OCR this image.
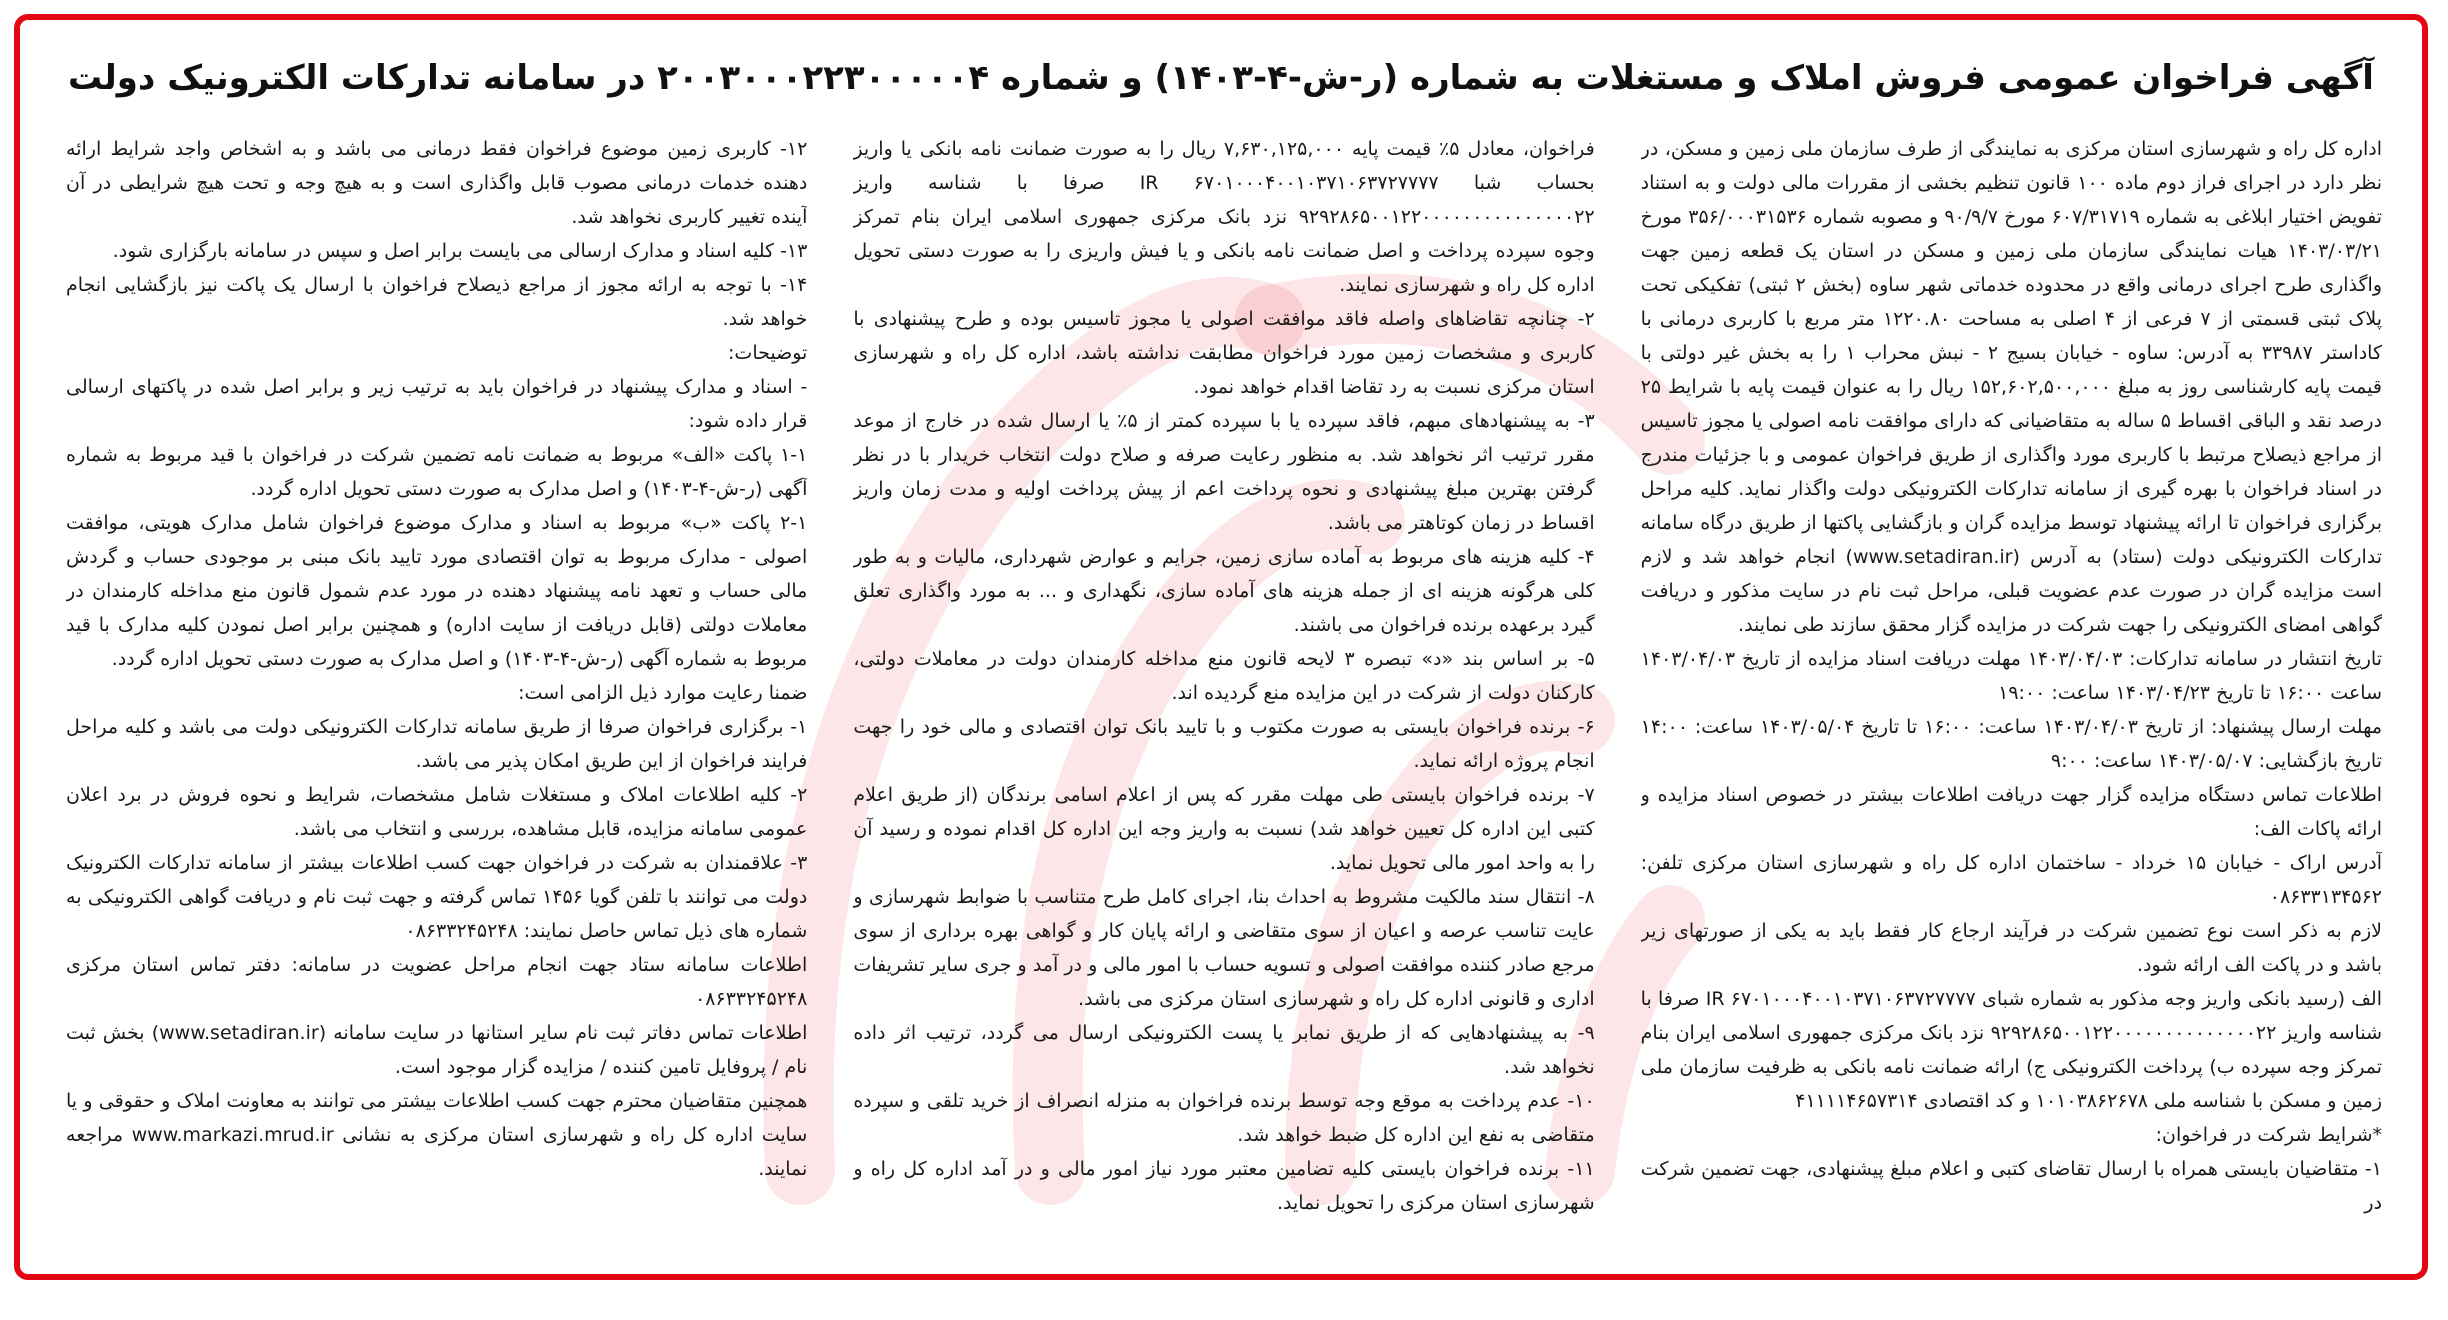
آگهی فراخوان عمومی فروش املاک و مستغلات به شماره (ر-ش-۴-۱۴۰۳) و شماره ۲۰۰۳۰۰۰۲۲۳۰۰۰۰۰۴ در سامانه تدارکات الکترونیک دولت

اداره کل راه و شهرسازی استان مرکزی به نمایندگی از طرف سازمان ملی زمین و مسکن، در نظر دارد در اجرای فراز دوم ماده ۱۰۰ قانون تنظیم بخشی از مقررات مالی دولت و به استناد تفویض اختیار ابلاغی به شماره ۶۰۷/۳۱۷۱۹ مورخ ۹۰/۹/۷ و مصوبه شماره ۳۵۶/۰۰۰۳۱۵۳۶ مورخ ۱۴۰۳/۰۳/۲۱ هیات نمایندگی سازمان ملی زمین و مسکن در استان یک قطعه زمین جهت واگذاری طرح اجرای درمانی واقع در محدوده خدماتی شهر ساوه (بخش ۲ ثبتی) تفکیکی تحت پلاک ثبتی قسمتی از ۷ فرعی از ۴ اصلی به مساحت ۱۲۲۰.۸۰ متر مربع با کاربری درمانی با کاداستر ۳۳۹۸۷ به آدرس: ساوه - خیابان بسیج ۲ - نبش محراب ۱ را به بخش غیر دولتی با قیمت پایه کارشناسی روز به مبلغ ۱۵۲,۶۰۲,۵۰۰,۰۰۰ ریال را به عنوان قیمت پایه با شرایط ۲۵ درصد نقد و الباقی اقساط ۵ ساله به متقاضیانی که دارای موافقت نامه اصولی یا مجوز تاسیس از مراجع ذیصلاح مرتبط با کاربری مورد واگذاری از طریق فراخوان عمومی و با جزئیات مندرج در اسناد فراخوان با بهره گیری از سامانه تدارکات الکترونیکی دولت واگذار نماید. کلیه مراحل برگزاری فراخوان تا ارائه پیشنهاد توسط مزایده گران و بازگشایی پاکتها از طریق درگاه سامانه تدارکات الکترونیکی دولت (ستاد) به آدرس (www.setadiran.ir) انجام خواهد شد و لازم است مزایده گران در صورت عدم عضویت قبلی، مراحل ثبت نام در سایت مذکور و دریافت گواهی امضای الکترونیکی را جهت شرکت در مزایده گزار محقق سازند طی نمایند.

تاریخ انتشار در سامانه تدارکات: ۱۴۰۳/۰۴/۰۳ مهلت دریافت اسناد مزایده از تاریخ ۱۴۰۳/۰۴/۰۳ ساعت ۱۶:۰۰ تا تاریخ ۱۴۰۳/۰۴/۲۳ ساعت: ۱۹:۰۰

مهلت ارسال پیشنهاد: از تاریخ ۱۴۰۳/۰۴/۰۳ ساعت: ۱۶:۰۰ تا تاریخ ۱۴۰۳/۰۵/۰۴ ساعت: ۱۴:۰۰ تاریخ بازگشایی: ۱۴۰۳/۰۵/۰۷ ساعت: ۹:۰۰

اطلاعات تماس دستگاه مزایده گزار جهت دریافت اطلاعات بیشتر در خصوص اسناد مزایده و ارائه پاکات الف:

آدرس اراک - خیابان ۱۵ خرداد - ساختمان اداره کل راه و شهرسازی استان مرکزی تلفن: ۰۸۶۳۳۱۳۴۵۶۲

لازم به ذکر است نوع تضمین شرکت در فرآیند ارجاع کار فقط باید به یکی از صورتهای زیر باشد و در پاکت الف ارائه شود.

الف (رسید بانکی واریز وجه مذکور به شماره شبای IR ۶۷۰۱۰۰۰۴۰۰۱۰۳۷۱۰۶۳۷۲۷۷۷۷ صرفا با شناسه واریز ۹۲۹۲۸۶۵۰۰۱۲۲۰۰۰۰۰۰۰۰۰۰۰۰۰۰۲۲ نزد بانک مرکزی جمهوری اسلامی ایران بنام تمرکز وجه سپرده ب) پرداخت الکترونیکی ج) ارائه ضمانت نامه بانکی به ظرفیت سازمان ملی زمین و مسکن با شناسه ملی ۱۰۱۰۳۸۶۲۶۷۸ و کد اقتصادی ۴۱۱۱۱۴۶۵۷۳۱۴

*شرایط شرکت در فراخوان:

۱- متقاضیان بایستی همراه با ارسال تقاضای کتبی و اعلام مبلغ پیشنهادی، جهت تضمین شرکت در

فراخوان، معادل ۵٪ قیمت پایه ۷,۶۳۰,۱۲۵,۰۰۰ ریال را به صورت ضمانت نامه بانکی یا واریز بحساب شبا IR ۶۷۰۱۰۰۰۴۰۰۱۰۳۷۱۰۶۳۷۲۷۷۷۷ صرفا با شناسه واریز ۹۲۹۲۸۶۵۰۰۱۲۲۰۰۰۰۰۰۰۰۰۰۰۰۰۰۰۲۲ نزد بانک مرکزی جمهوری اسلامی ایران بنام تمرکز وجوه سپرده پرداخت و اصل ضمانت نامه بانکی و یا فیش واریزی را به صورت دستی تحویل اداره کل راه و شهرسازی نمایند.

۲- چنانچه تقاضاهای واصله فاقد موافقت اصولی یا مجوز تاسیس بوده و طرح پیشنهادی با کاربری و مشخصات زمین مورد فراخوان مطابقت نداشته باشد، اداره کل راه و شهرسازی استان مرکزی نسبت به رد تقاضا اقدام خواهد نمود.

۳- به پیشنهادهای مبهم، فاقد سپرده یا با سپرده کمتر از ۵٪ یا ارسال شده در خارج از موعد مقرر ترتیب اثر نخواهد شد. به منظور رعایت صرفه و صلاح دولت انتخاب خریدار با در نظر گرفتن بهترین مبلغ پیشنهادی و نحوه پرداخت اعم از پیش پرداخت اولیه و مدت زمان واریز اقساط در زمان کوتاهتر می باشد.

۴- کلیه هزینه های مربوط به آماده سازی زمین، جرایم و عوارض شهرداری، مالیات و به طور کلی هرگونه هزینه ای از جمله هزینه های آماده سازی، نگهداری و ... به مورد واگذاری تعلق گیرد برعهده برنده فراخوان می باشند.

۵- بر اساس بند «د» تبصره ۳ لایحه قانون منع مداخله کارمندان دولت در معاملات دولتی، کارکنان دولت از شرکت در این مزایده منع گردیده اند.

۶- برنده فراخوان بایستی به صورت مکتوب و با تایید بانک توان اقتصادی و مالی خود را جهت انجام پروژه ارائه نماید.

۷- برنده فراخوان بایستی طی مهلت مقرر که پس از اعلام اسامی برندگان (از طریق اعلام کتبی این اداره کل تعیین خواهد شد) نسبت به واریز وجه این اداره کل اقدام نموده و رسید آن را به واحد امور مالی تحویل نماید.

۸- انتقال سند مالکیت مشروط به احداث بنا، اجرای کامل طرح متناسب با ضوابط شهرسازی و عایت تناسب عرصه و اعیان از سوی متقاضی و ارائه پایان کار و گواهی بهره برداری از سوی مرجع صادر کننده موافقت اصولی و تسویه حساب با امور مالی و در آمد و جری سایر تشریفات اداری و قانونی اداره کل راه و شهرسازی استان مرکزی می باشد.

۹- به پیشنهادهایی که از طریق نمابر یا پست الکترونیکی ارسال می گردد، ترتیب اثر داده نخواهد شد.

۱۰- عدم پرداخت به موقع وجه توسط برنده فراخوان به منزله انصراف از خرید تلقی و سپرده متقاضی به نفع این اداره کل ضبط خواهد شد.

۱۱- برنده فراخوان بایستی کلیه تضامین معتبر مورد نیاز امور مالی و در آمد اداره کل راه و شهرسازی استان مرکزی را تحویل نماید.

۱۲- کاربری زمین موضوع فراخوان فقط درمانی می باشد و به اشخاص واجد شرایط ارائه دهنده خدمات درمانی مصوب قابل واگذاری است و به هیچ وجه و تحت هیچ شرایطی در آن آینده تغییر کاربری نخواهد شد.

۱۳- کلیه اسناد و مدارک ارسالی می بایست برابر اصل و سپس در سامانه بارگزاری شود.

۱۴- با توجه به ارائه مجوز از مراجع ذیصلاح فراخوان با ارسال یک پاکت نیز بازگشایی انجام خواهد شد.

توضیحات:

- اسناد و مدارک پیشنهاد در فراخوان باید به ترتیب زیر و برابر اصل شده در پاکتهای ارسالی قرار داده شود:

۱-۱ پاکت «الف» مربوط به ضمانت نامه تضمین شرکت در فراخوان با قید مربوط به شماره آگهی (ر-ش-۴-۱۴۰۳) و اصل مدارک به صورت دستی تحویل اداره گردد.

۲-۱ پاکت «ب» مربوط به اسناد و مدارک موضوع فراخوان شامل مدارک هویتی، موافقت اصولی - مدارک مربوط به توان اقتصادی مورد تایید بانک مبنی بر موجودی حساب و گردش مالی حساب و تعهد نامه پیشنهاد دهنده در مورد عدم شمول قانون منع مداخله کارمندان در معاملات دولتی (قابل دریافت از سایت اداره) و همچنین برابر اصل نمودن کلیه مدارک با قید مربوط به شماره آگهی (ر-ش-۴-۱۴۰۳) و اصل مدارک به صورت دستی تحویل اداره گردد.

ضمنا رعایت موارد ذیل الزامی است:

۱- برگزاری فراخوان صرفا از طریق سامانه تدارکات الکترونیکی دولت می باشد و کلیه مراحل فرایند فراخوان از این طریق امکان پذیر می باشد.

۲- کلیه اطلاعات املاک و مستغلات شامل مشخصات، شرایط و نحوه فروش در برد اعلان عمومی سامانه مزایده، قابل مشاهده، بررسی و انتخاب می باشد.

۳- علاقمندان به شرکت در فراخوان جهت کسب اطلاعات بیشتر از سامانه تدارکات الکترونیک دولت می توانند با تلفن گویا ۱۴۵۶ تماس گرفته و جهت ثبت نام و دریافت گواهی الکترونیکی به شماره های ذیل تماس حاصل نمایند: ۰۸۶۳۳۲۴۵۲۴۸

اطلاعات سامانه ستاد جهت انجام مراحل عضویت در سامانه: دفتر تماس استان مرکزی ۰۸۶۳۳۲۴۵۲۴۸

اطلاعات تماس دفاتر ثبت نام سایر استانها در سایت سامانه (www.setadiran.ir) بخش ثبت نام / پروفایل تامین کننده / مزایده گزار موجود است.

همچنین متقاضیان محترم جهت کسب اطلاعات بیشتر می توانند به معاونت املاک و حقوقی و یا سایت اداره کل راه و شهرسازی استان مرکزی به نشانی www.markazi.mrud.ir مراجعه نمایند.
